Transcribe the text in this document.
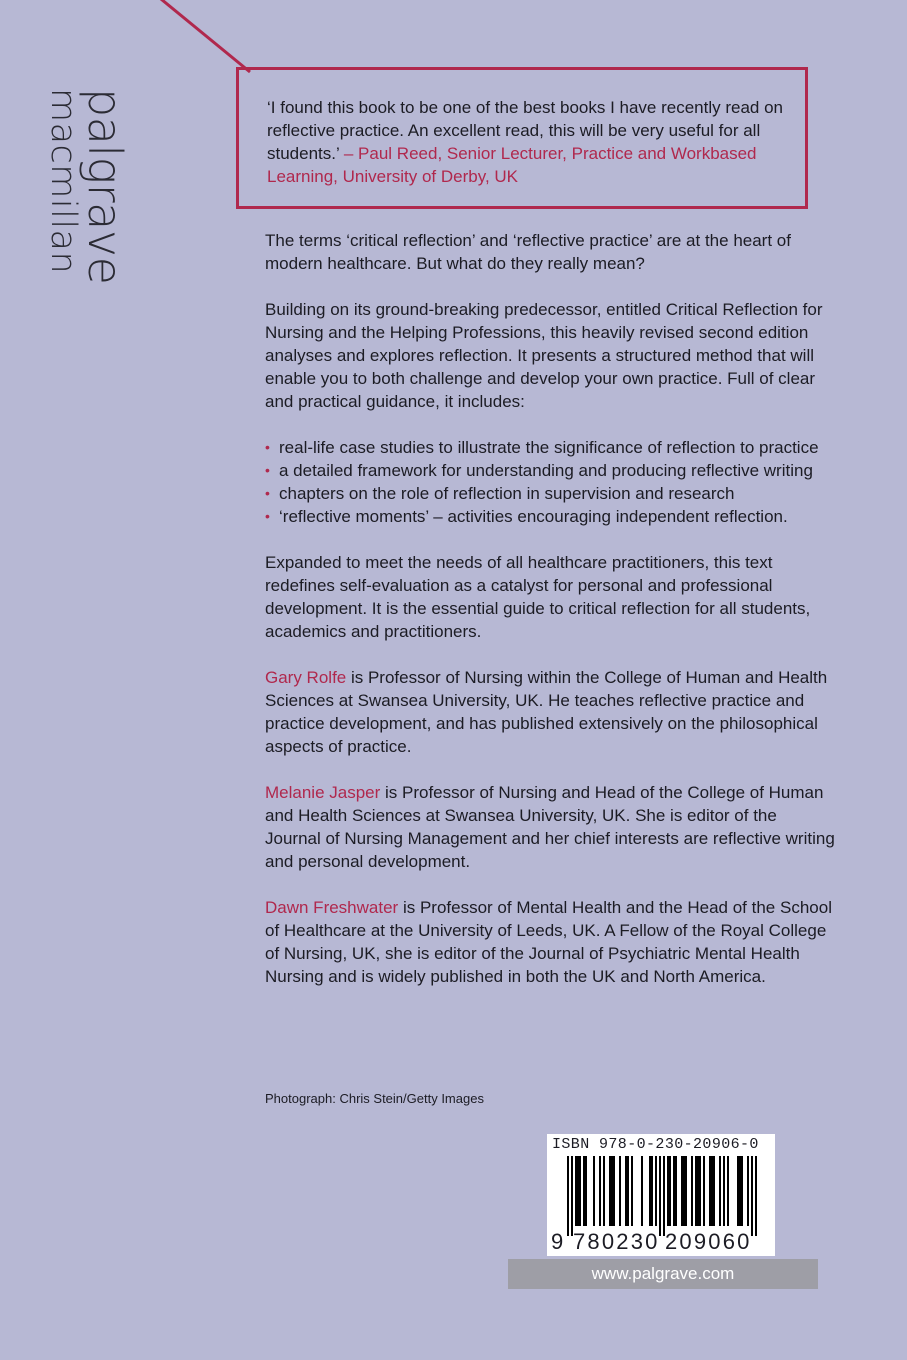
palgrave
macmillan	‘I found this book to be one of the best books I have recently read on reflective practice. An excellent read, this will be very useful for all students.’ – Paul Reed, Senior Lecturer, Practice and Workbased Learning, University of Derby, UK

The terms ‘critical reflection’ and ‘reflective practice’ are at the heart of modern healthcare. But what do they really mean?

Building on its ground-breaking predecessor, entitled Critical Reflection for Nursing and the Helping Professions, this heavily revised second edition analyses and explores reflection. It presents a structured method that will enable you to both challenge and develop your own practice. Full of clear and practical guidance, it includes:

• real-life case studies to illustrate the significance of reflection to practice
• a detailed framework for understanding and producing reflective writing
• chapters on the role of reflection in supervision and research
• ‘reflective moments’ – activities encouraging independent reflection.

Expanded to meet the needs of all healthcare practitioners, this text redefines self-evaluation as a catalyst for personal and professional development. It is the essential guide to critical reflection for all students, academics and practitioners.

Gary Rolfe is Professor of Nursing within the College of Human and Health Sciences at Swansea University, UK. He teaches reflective practice and practice development, and has published extensively on the philosophical aspects of practice.

Melanie Jasper is Professor of Nursing and Head of the College of Human and Health Sciences at Swansea University, UK. She is editor of the Journal of Nursing Management and her chief interests are reflective writing and personal development.

Dawn Freshwater is Professor of Mental Health and the Head of the School of Healthcare at the University of Leeds, UK. A Fellow of the Royal College of Nursing, UK, she is editor of the Journal of Psychiatric Mental Health Nursing and is widely published in both the UK and North America.

Photograph: Chris Stein/Getty Images
ISBN 978-0-230-20906-0
9 780230 209060
www.palgrave.com
